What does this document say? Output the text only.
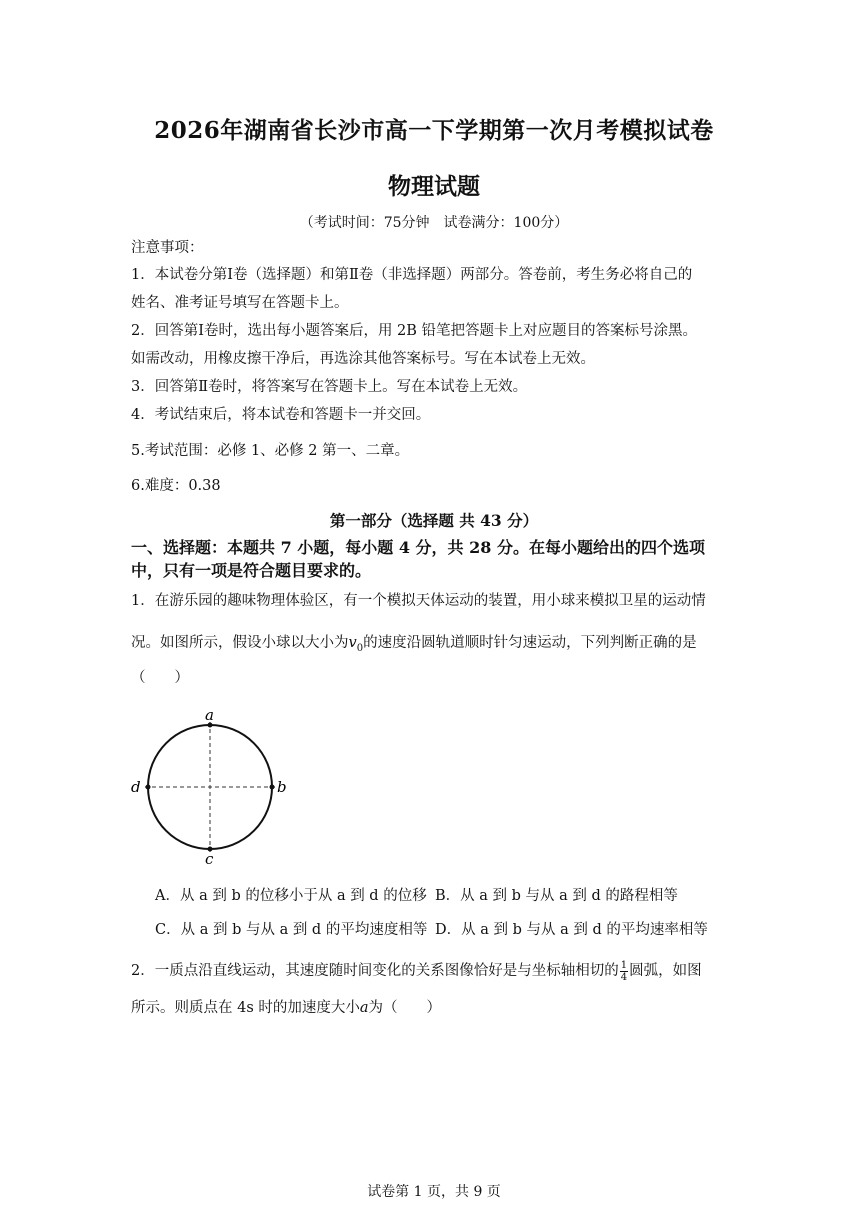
2026年湖南省长沙市高一下学期第一次月考模拟试卷
物理试题
（考试时间：75分钟　试卷满分：100分）
注意事项：
1．本试卷分第Ⅰ卷（选择题）和第Ⅱ卷（非选择题）两部分。答卷前，考生务必将自己的
姓名、准考证号填写在答题卡上。
2．回答第Ⅰ卷时，选出每小题答案后，用 2B 铅笔把答题卡上对应题目的答案标号涂黑。
如需改动，用橡皮擦干净后，再选涂其他答案标号。写在本试卷上无效。
3．回答第Ⅱ卷时，将答案写在答题卡上。写在本试卷上无效。
4．考试结束后，将本试卷和答题卡一并交回。
5.考试范围：必修 1、必修 2 第一、二章。
6.难度：0.38
第一部分（选择题 共 43 分）
一、选择题：本题共 7 小题，每小题 4 分，共 28 分。在每小题给出的四个选项
中，只有一项是符合题目要求的。
1．在游乐园的趣味物理体验区，有一个模拟天体运动的装置，用小球来模拟卫星的运动情
况。如图所示，假设小球以大小为$v_0$的速度沿圆轨道顺时针匀速运动，下列判断正确的是
（　　）
a
b
c
d
A．从 a 到 b 的位移小于从 a 到 d 的位移 B．从 a 到 b 与从 a 到 d 的路程相等
C．从 a 到 b 与从 a 到 d 的平均速度相等 D．从 a 到 b 与从 a 到 d 的平均速率相等
2．一质点沿直线运动，其速度随时间变化的关系图像恰好是与坐标轴相切的 $\frac{1}{4}$ 圆弧，如图
所示。则质点在 4s 时的加速度大小a为（　　）
试卷第 1 页，共 9 页
